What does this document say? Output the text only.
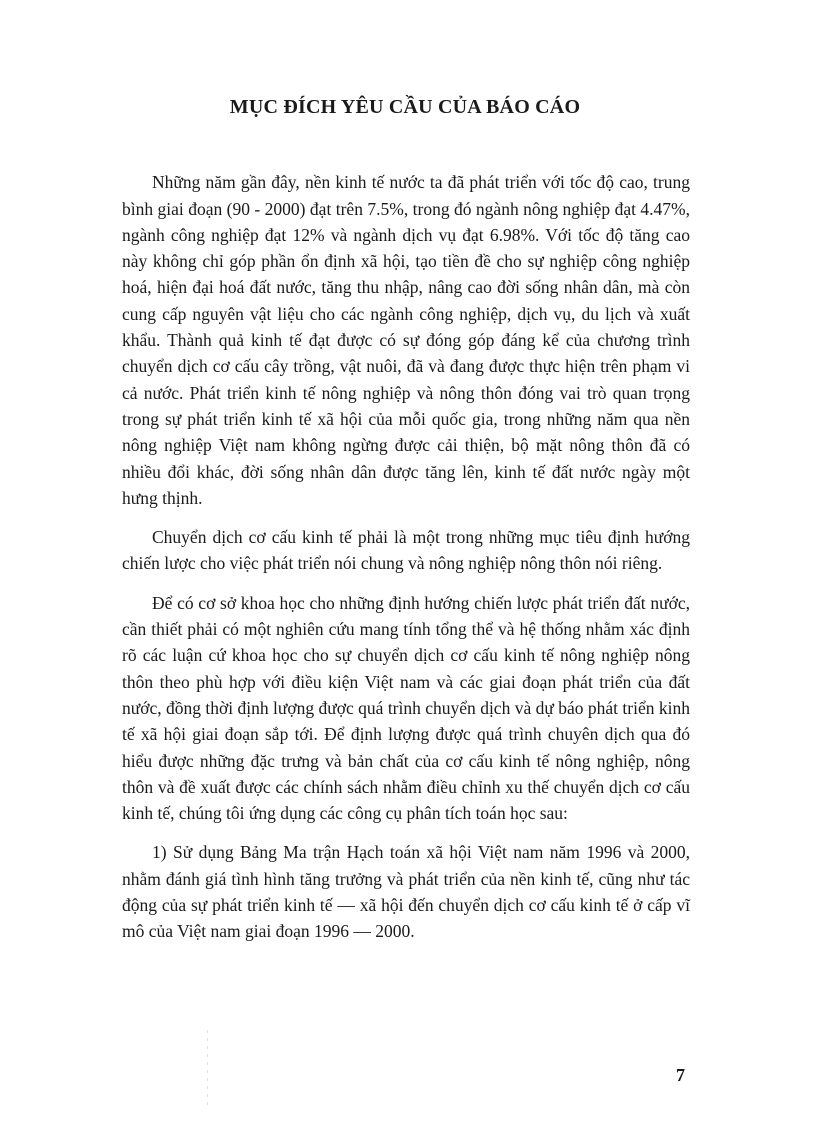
MỤC ĐÍCH YÊU CẦU CỦA BÁO CÁO

Những năm gần đây, nền kinh tế nước ta đã phát triển với tốc độ cao, trung bình giai đoạn (90 - 2000) đạt trên 7.5%, trong đó ngành nông nghiệp đạt 4.47%, ngành công nghiệp đạt 12% và ngành dịch vụ đạt 6.98%. Với tốc độ tăng cao này không chỉ góp phần ổn định xã hội, tạo tiền đề cho sự nghiệp công nghiệp hoá, hiện đại hoá đất nước, tăng thu nhập, nâng cao đời sống nhân dân, mà còn cung cấp nguyên vật liệu cho các ngành công nghiệp, dịch vụ, du lịch và xuất khẩu. Thành quả kinh tế đạt được có sự đóng góp đáng kể của chương trình chuyển dịch cơ cấu cây trồng, vật nuôi, đã và đang được thực hiện trên phạm vi cả nước. Phát triển kinh tế nông nghiệp và nông thôn đóng vai trò quan trọng trong sự phát triển kinh tế xã hội của mỗi quốc gia, trong những năm qua nền nông nghiệp Việt nam không ngừng được cải thiện, bộ mặt nông thôn đã có nhiều đổi khác, đời sống nhân dân được tăng lên, kinh tế đất nước ngày một hưng thịnh.

Chuyển dịch cơ cấu kinh tế phải là một trong những mục tiêu định hướng chiến lược cho việc phát triển nói chung và nông nghiệp nông thôn nói riêng.

Để có cơ sở khoa học cho những định hướng chiến lược phát triển đất nước, cần thiết phải có một nghiên cứu mang tính tổng thể và hệ thống nhằm xác định rõ các luận cứ khoa học cho sự chuyển dịch cơ cấu kinh tế nông nghiệp nông thôn theo phù hợp với điều kiện Việt nam và các giai đoạn phát triển của đất nước, đồng thời định lượng được quá trình chuyển dịch và dự báo phát triển kinh tế xã hội giai đoạn sắp tới. Để định lượng được quá trình chuyên dịch qua đó hiểu được những đặc trưng và bản chất của cơ cấu kinh tế nông nghiệp, nông thôn và đề xuất được các chính sách nhằm điều chỉnh xu thế chuyển dịch cơ cấu kinh tế, chúng tôi ứng dụng các công cụ phân tích toán học sau:

1) Sử dụng Bảng Ma trận Hạch toán xã hội Việt nam năm 1996 và 2000, nhằm đánh giá tình hình tăng trưởng và phát triển của nền kinh tế, cũng như tác động của sự phát triển kinh tế — xã hội đến chuyển dịch cơ cấu kinh tế ở cấp vĩ mô của Việt nam giai đoạn 1996 — 2000.

7
